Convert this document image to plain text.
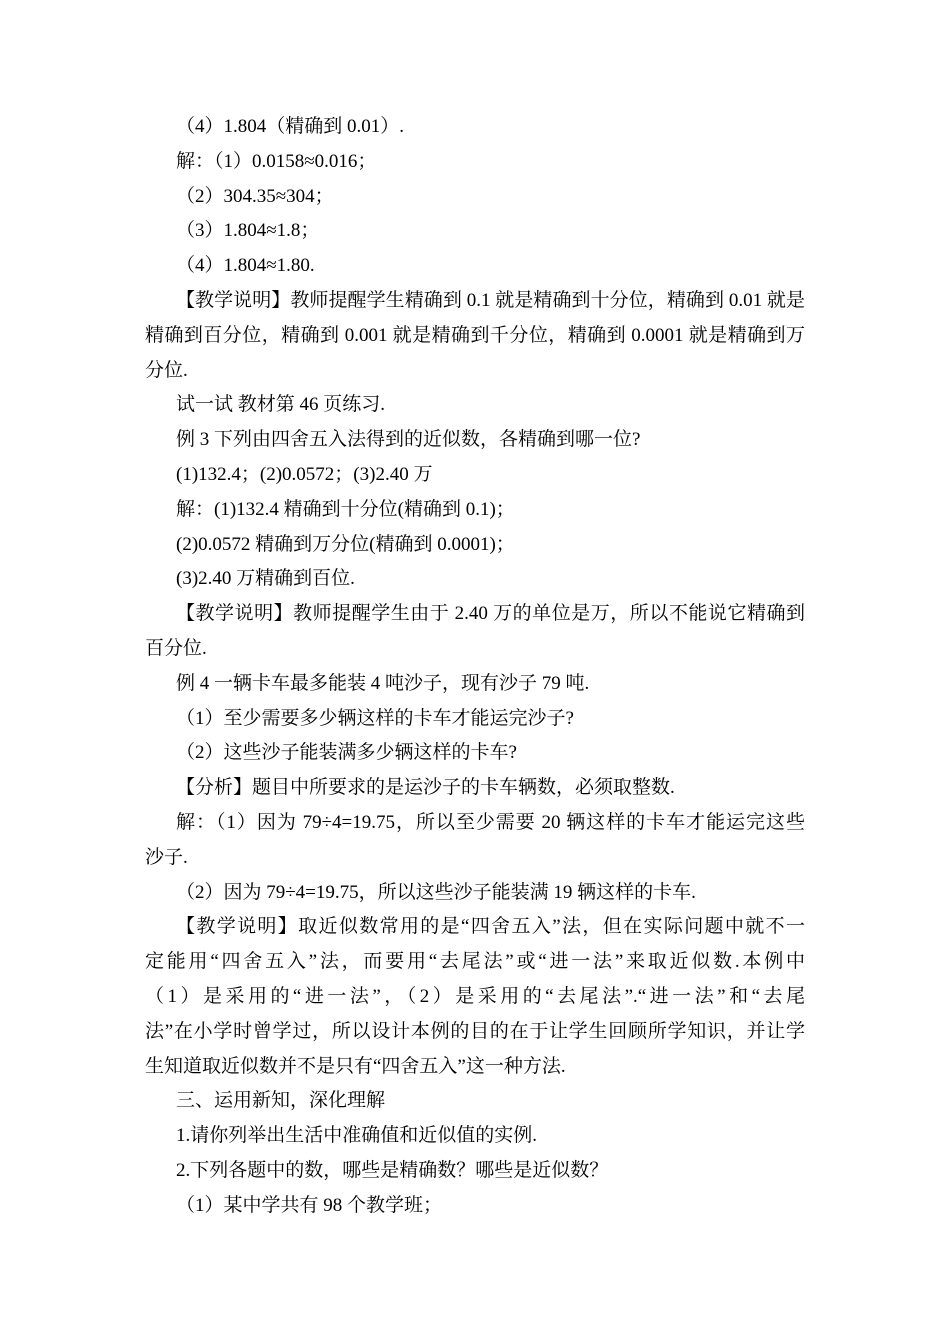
（4）1.804（精确到 0.01）.
解：（1）0.0158≈0.016；
（2）304.35≈304；
（3）1.804≈1.8；
（4）1.804≈1.80.
【教学说明】教师提醒学生精确到 0.1 就是精确到十分位，精确到 0.01 就是
精确到百分位，精确到 0.001 就是精确到千分位，精确到 0.0001 就是精确到万
分位.
试一试 教材第 46 页练习.
例 3 下列由四舍五入法得到的近似数，各精确到哪一位?
(1)132.4；(2)0.0572；(3)2.40 万
解：(1)132.4 精确到十分位(精确到 0.1)；
(2)0.0572 精确到万分位(精确到 0.0001)；
(3)2.40 万精确到百位.
【教学说明】教师提醒学生由于 2.40 万的单位是万，所以不能说它精确到
百分位.
例 4 一辆卡车最多能装 4 吨沙子，现有沙子 79 吨.
（1）至少需要多少辆这样的卡车才能运完沙子?
（2）这些沙子能装满多少辆这样的卡车?
【分析】题目中所要求的是运沙子的卡车辆数，必须取整数.
解：（1）因为 79÷4=19.75，所以至少需要 20 辆这样的卡车才能运完这些
沙子.
（2）因为 79÷4=19.75，所以这些沙子能装满 19 辆这样的卡车.
【教学说明】取近似数常用的是“四舍五入”法，但在实际问题中就不一
定能用“四舍五入”法，而要用“去尾法”或“进一法”来取近似数.本例中
（1）是采用的“进一法”，（2）是采用的“去尾法”.“进一法”和“去尾
法”在小学时曾学过，所以设计本例的目的在于让学生回顾所学知识，并让学
生知道取近似数并不是只有“四舍五入”这一种方法.
三、运用新知，深化理解
1.请你列举出生活中准确值和近似值的实例.
2.下列各题中的数，哪些是精确数？哪些是近似数？
（1）某中学共有 98 个教学班；
